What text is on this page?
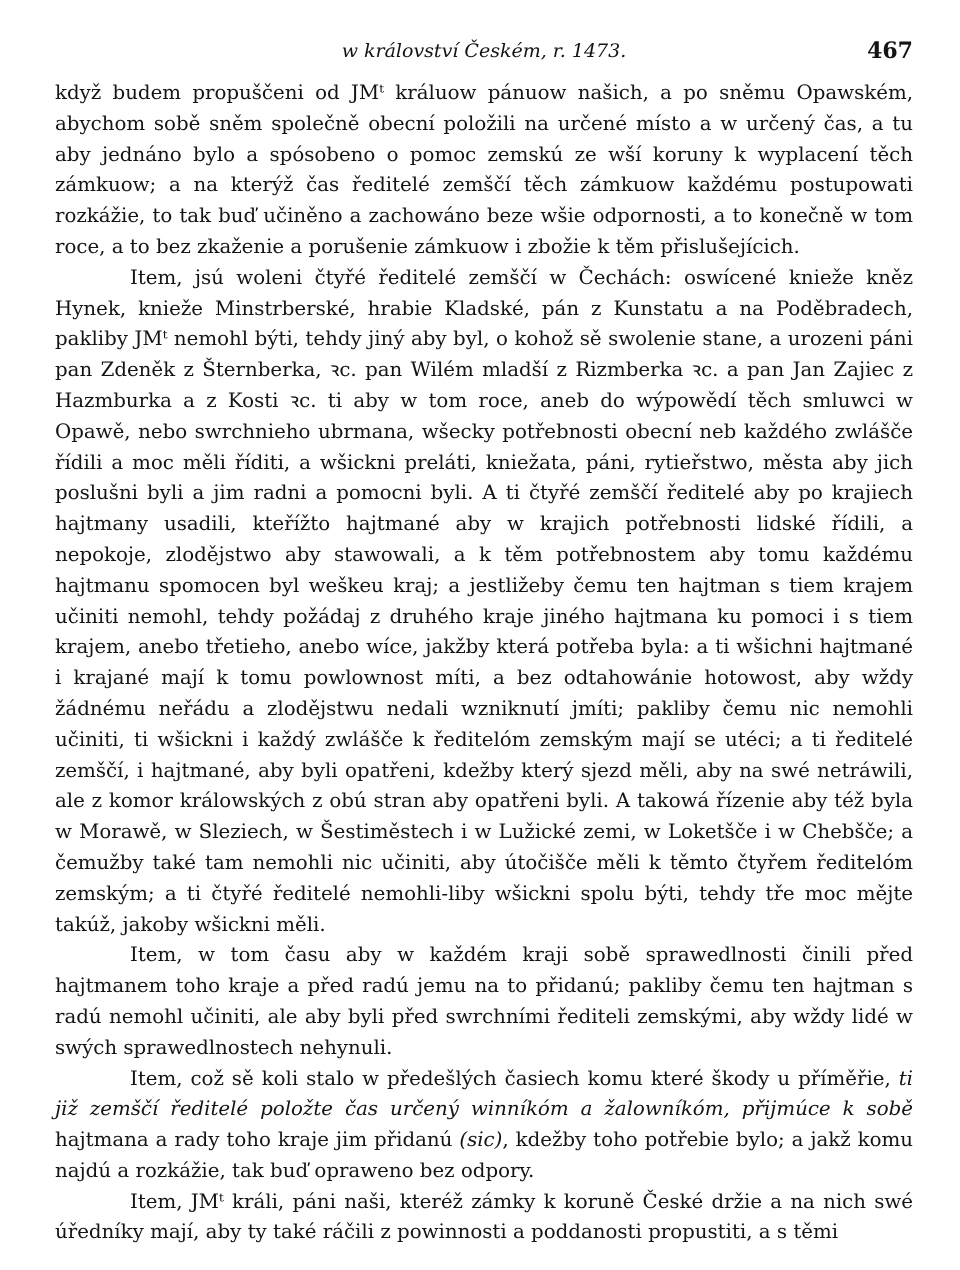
w království Českém, r. 1473.	467

když budem propuščeni od JMᵗ králuow pánuow našich, a po sněmu Opawském, abychom sobě sněm společně obecní položili na určené místo a w určený čas, a tu aby jednáno bylo a spósobeno o pomoc zemskú ze wší koruny k wyplacení těch zámkuow; a na kterýž čas ředitelé zemščí těch zámkuow každému postupowati rozkážie, to tak buď učiněno a zachowáno beze wšie odpornosti, a to konečně w tom roce, a to bez zkaženie a porušenie zámkuow i zbožie k těm přislušejícich.

Item, jsú woleni čtyřé ředitelé zemščí w Čechách: oswícené knieže kněz Hynek, knieže Minstrberské, hrabie Kladské, pán z Kunstatu a na Poděbradech, pakliby JMᵗ nemohl býti, tehdy jiný aby byl, o kohož sě swolenie stane, a urozeni páni pan Zdeněk z Šternberka, ꝛc. pan Wilém mladší z Rizmberka ꝛc. a pan Jan Zajiec z Hazmburka a z Kosti ꝛc. ti aby w tom roce, aneb do wýpowědí těch smluwci w Opawě, nebo swrchnieho ubrmana, wšecky potřebnosti obecní neb každého zwlášče řídili a moc měli říditi, a wšickni preláti, kniežata, páni, rytieřstwo, města aby jich poslušni byli a jim radni a pomocni byli. A ti čtyřé zemščí ředitelé aby po krajiech hajtmany usadili, kteřížto hajtmané aby w krajich potřebnosti lidské řídili, a nepokoje, zlodějstwo aby stawowali, a k těm potřebnostem aby tomu každému hajtmanu spomocen byl weškeu kraj; a jestližeby čemu ten hajtman s tiem krajem učiniti nemohl, tehdy požádaj z druhého kraje jiného hajtmana ku pomoci i s tiem krajem, anebo třetieho, anebo wíce, jakžby která potřeba byla: a ti wšichni hajtmané i krajané mají k tomu powlownost míti, a bez odtahowánie hotowost, aby wždy žádnému neřádu a zlodějstwu nedali wzniknutí jmíti; pakliby čemu nic nemohli učiniti, ti wšickni i každý zwlášče k ředitelóm zemským mají se utéci; a ti ředitelé zemščí, i hajtmané, aby byli opatřeni, kdežby který sjezd měli, aby na swé netráwili, ale z komor králowských z obú stran aby opatřeni byli. A takowá řízenie aby též byla w Morawě, w Sleziech, w Šestiměstech i w Lužické zemi, w Loketšče i w Chebšče; a čemužby také tam nemohli nic učiniti, aby útočišče měli k těmto čtyřem ředitelóm zemským; a ti čtyřé ředitelé nemohli-liby wšickni spolu býti, tehdy tře moc mějte takúž, jakoby wšickni měli.

Item, w tom času aby w každém kraji sobě sprawedlnosti činili před hajtmanem toho kraje a před radú jemu na to přidanú; pakliby čemu ten hajtman s radú nemohl učiniti, ale aby byli před swrchními řediteli zemskými, aby wždy lidé w swých sprawedlnostech nehynuli.

Item, což sě koli stalo w předešlých časiech komu které škody u příměřie, ti již zemščí ředitelé položte čas určený winníkóm a žalowníkóm, přijmúce k sobě hajtmana a rady toho kraje jim přidanú (sic), kdežby toho potřebie bylo; a jakž komu najdú a rozkážie, tak buď opraweno bez odpory.

Item, JMᵗ králi, páni naši, kteréž zámky k koruně České držie a na nich swé úředníky mají, aby ty také ráčili z powinnosti a poddanosti propustiti, a s těmi
